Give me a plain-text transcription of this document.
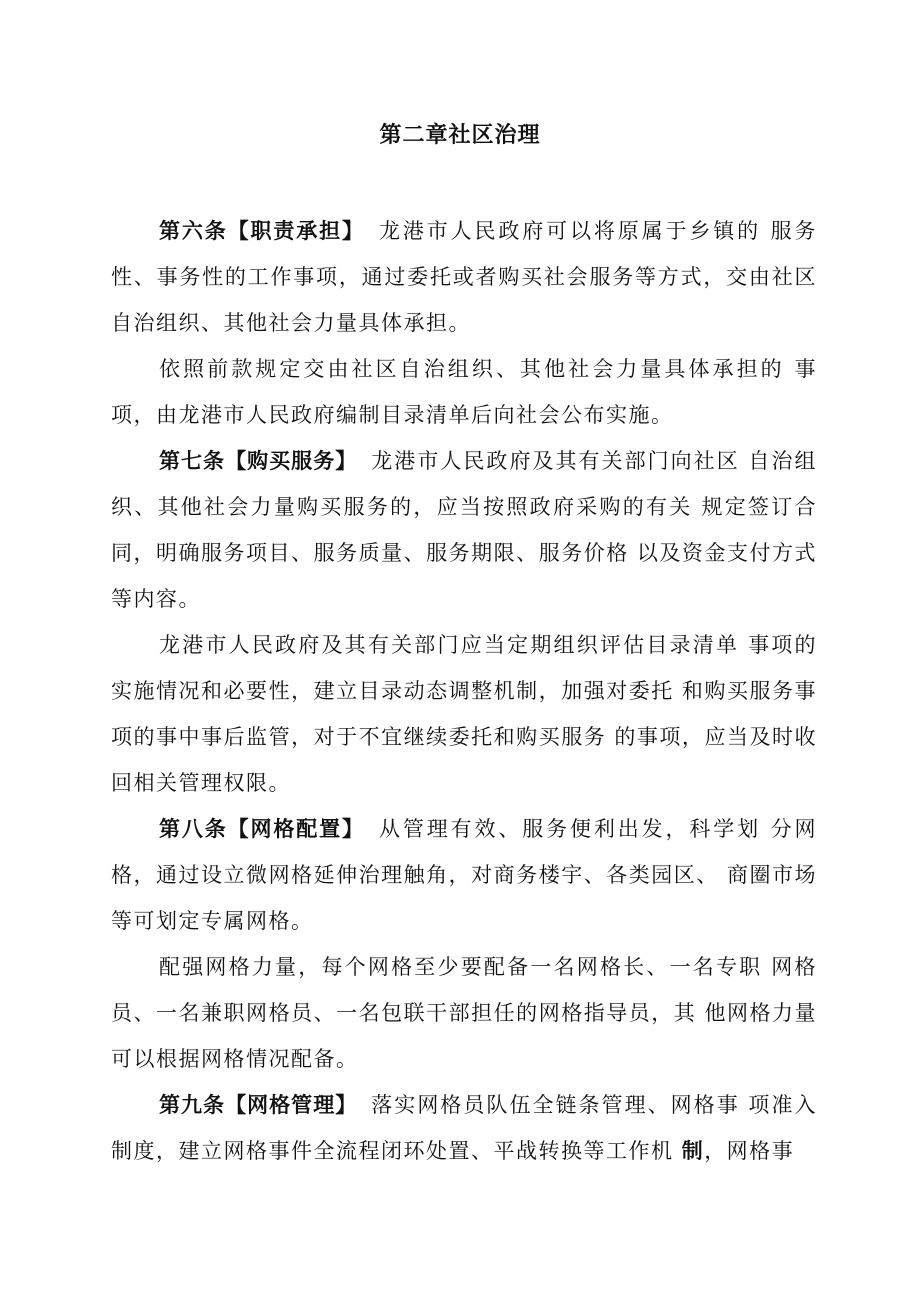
第二章社区治理

第六条【职责承担】 龙港市人民政府可以将原属于乡镇的 服务性、事务性的工作事项，通过委托或者购买社会服务等方式，交由社区自治组织、其他社会力量具体承担。

依照前款规定交由社区自治组织、其他社会力量具体承担的 事项，由龙港市人民政府编制目录清单后向社会公布实施。

第七条【购买服务】 龙港市人民政府及其有关部门向社区 自治组织、其他社会力量购买服务的，应当按照政府采购的有关 规定签订合同，明确服务项目、服务质量、服务期限、服务价格 以及资金支付方式等内容。

龙港市人民政府及其有关部门应当定期组织评估目录清单 事项的实施情况和必要性，建立目录动态调整机制，加强对委托 和购买服务事项的事中事后监管，对于不宜继续委托和购买服务 的事项，应当及时收回相关管理权限。

第八条【网格配置】 从管理有效、服务便利出发，科学划 分网格，通过设立微网格延伸治理触角，对商务楼宇、各类园区、 商圈市场等可划定专属网格。

配强网格力量，每个网格至少要配备一名网格长、一名专职 网格员、一名兼职网格员、一名包联干部担任的网格指导员，其 他网格力量可以根据网格情况配备。

第九条【网格管理】 落实网格员队伍全链条管理、网格事 项准入制度，建立网格事件全流程闭环处置、平战转换等工作机 制，网格事
